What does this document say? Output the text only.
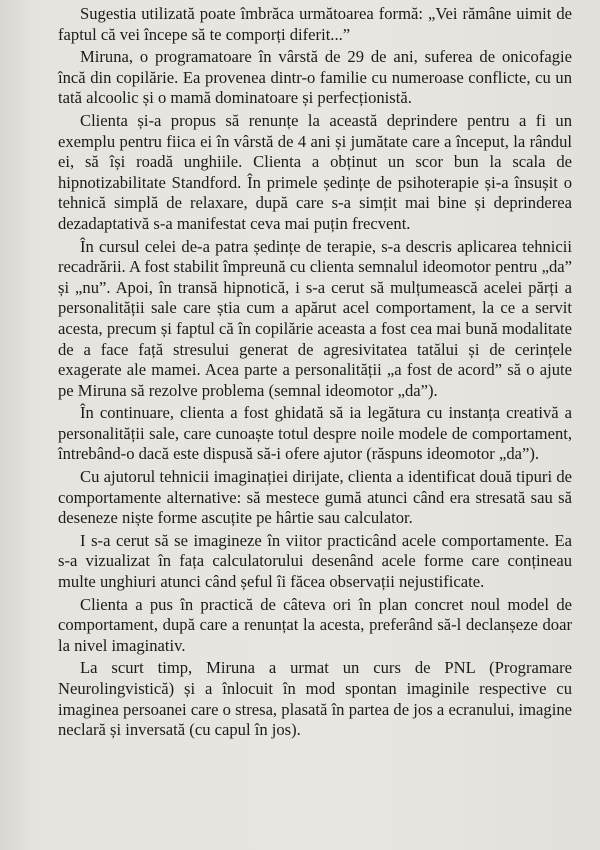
Sugestia utilizată poate îmbrăca următoarea formă: „Vei rămâne uimit de faptul că vei începe să te comporți diferit...”

Miruna, o programatoare în vârstă de 29 de ani, suferea de onicofagie încă din copilărie. Ea provenea dintr-o familie cu numeroase conflicte, cu un tată alcoolic și o mamă dominatoare și perfecționistă.

Clienta și-a propus să renunțe la această deprindere pentru a fi un exemplu pentru fiica ei în vârstă de 4 ani și jumătate care a început, la rândul ei, să își roadă unghiile. Clienta a obținut un scor bun la scala de hipnotizabilitate Standford. În primele ședințe de psihoterapie și-a însușit o tehnică simplă de relaxare, după care s-a simțit mai bine și deprinderea dezadaptativă s-a manifestat ceva mai puțin frecvent.

În cursul celei de-a patra ședințe de terapie, s-a descris aplicarea tehnicii recadrării. A fost stabilit împreună cu clienta semnalul ideomotor pentru „da” și „nu”. Apoi, în transă hipnotică, i s-a cerut să mulțumească acelei părți a personalității sale care știa cum a apărut acel comportament, la ce a servit acesta, precum și faptul că în copilărie aceasta a fost cea mai bună modalitate de a face față stresului generat de agresivitatea tatălui și de cerințele exagerate ale mamei. Acea parte a personalității „a fost de acord” să o ajute pe Miruna să rezolve problema (semnal ideomotor „da”).

În continuare, clienta a fost ghidată să ia legătura cu instanța creativă a personalității sale, care cunoaște totul despre noile modele de comportament, întrebând-o dacă este dispusă să-i ofere ajutor (răspuns ideomotor „da”).

Cu ajutorul tehnicii imaginației dirijate, clienta a identificat două tipuri de comportamente alternative: să mestece gumă atunci când era stresată sau să deseneze niște forme ascuțite pe hârtie sau calculator.

I s-a cerut să se imagineze în viitor practicând acele comportamente. Ea s-a vizualizat în fața calculatorului desenând acele forme care conțineau multe unghiuri atunci când șeful îi făcea observații nejustificate.

Clienta a pus în practică de câteva ori în plan concret noul model de comportament, după care a renunțat la acesta, preferând să-l declanșeze doar la nivel imaginativ.

La scurt timp, Miruna a urmat un curs de PNL (Programare Neurolingvistică) și a înlocuit în mod spontan imaginile respective cu imaginea persoanei care o stresa, plasată în partea de jos a ecranului, imagine neclară și inversată (cu capul în jos).
